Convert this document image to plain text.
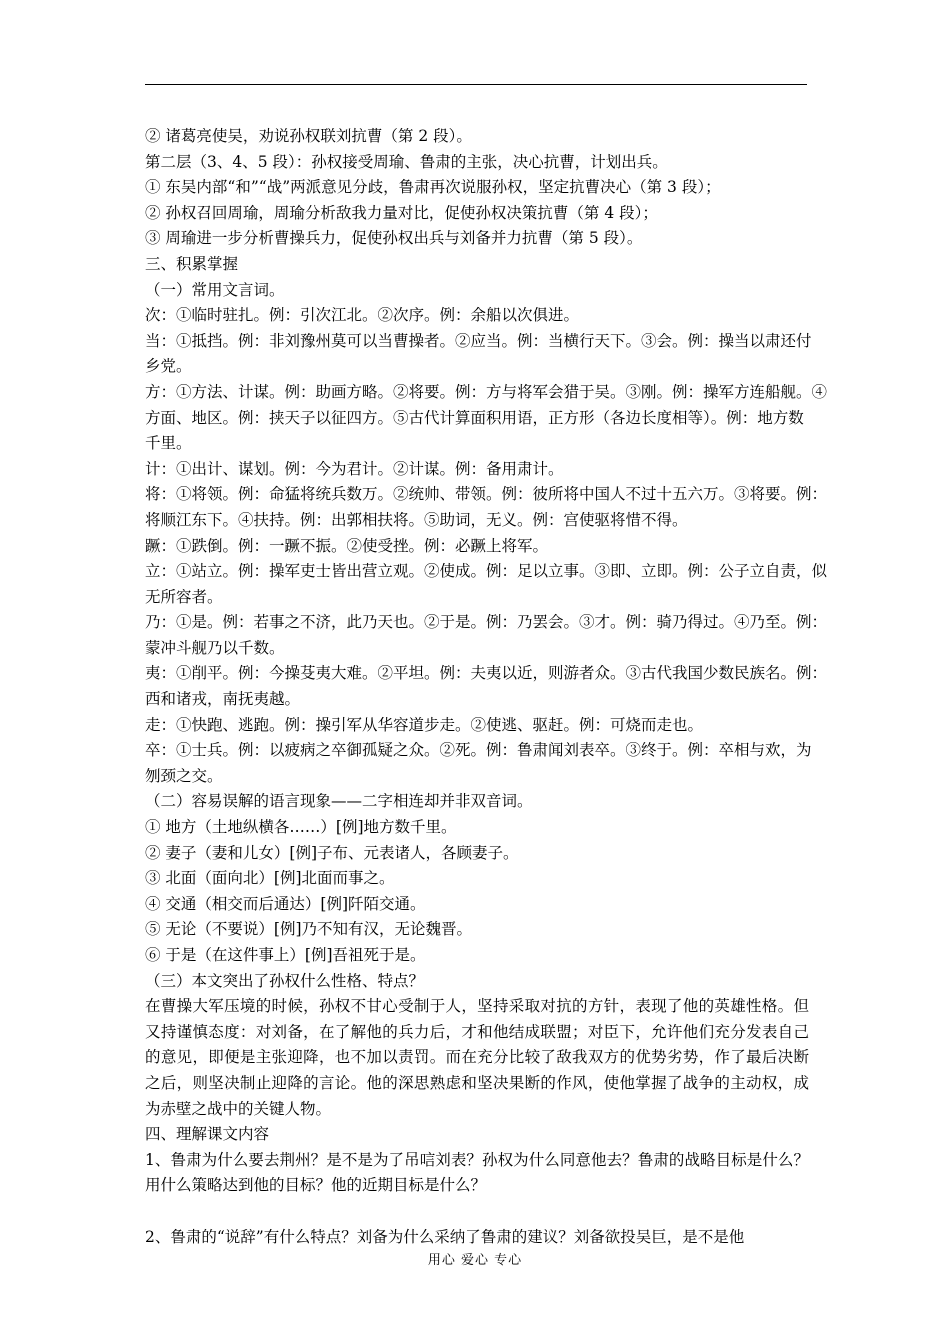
② 诸葛亮使吴，劝说孙权联刘抗曹（第 2 段）。
第二层（3、4、5 段）：孙权接受周瑜、鲁肃的主张，决心抗曹，计划出兵。
① 东吴内部“和”“战”两派意见分歧，鲁肃再次说服孙权，坚定抗曹决心（第 3 段）；
② 孙权召回周瑜，周瑜分析敌我力量对比，促使孙权决策抗曹（第 4 段）；
③ 周瑜进一步分析曹操兵力，促使孙权出兵与刘备并力抗曹（第 5 段）。
三、积累掌握
（一）常用文言词。
次：①临时驻扎。例：引次江北。②次序。例：余船以次俱进。
当：①抵挡。例：非刘豫州莫可以当曹操者。②应当。例：当横行天下。③会。例：操当以肃还付
乡党。
方：①方法、计谋。例：助画方略。②将要。例：方与将军会猎于吴。③刚。例：操军方连船舰。④
方面、地区。例：挟天子以征四方。⑤古代计算面积用语，正方形（各边长度相等）。例：地方数
千里。
计：①出计、谋划。例：今为君计。②计谋。例：备用肃计。
将：①将领。例：命猛将统兵数万。②统帅、带领。例：彼所将中国人不过十五六万。③将要。例：
将顺江东下。④扶持。例：出郭相扶将。⑤助词，无义。例：宫使驱将惜不得。
蹶：①跌倒。例：一蹶不振。②使受挫。例：必蹶上将军。
立：①站立。例：操军吏士皆出营立观。②使成。例：足以立事。③即、立即。例：公子立自责，似
无所容者。
乃：①是。例：若事之不济，此乃天也。②于是。例：乃罢会。③才。例：骑乃得过。④乃至。例：
蒙冲斗舰乃以千数。
夷：①削平。例：今操芟夷大难。②平坦。例：夫夷以近，则游者众。③古代我国少数民族名。例：
西和诸戎，南抚夷越。
走：①快跑、逃跑。例：操引军从华容道步走。②使逃、驱赶。例：可烧而走也。
卒：①士兵。例：以疲病之卒御孤疑之众。②死。例：鲁肃闻刘表卒。③终于。例：卒相与欢，为
刎颈之交。
（二）容易误解的语言现象——二字相连却并非双音词。
① 地方（土地纵横各……）[例]地方数千里。
② 妻子（妻和儿女）[例]子布、元表诸人，各顾妻子。
③ 北面（面向北）[例]北面而事之。
④ 交通（相交而后通达）[例]阡陌交通。
⑤ 无论（不要说）[例]乃不知有汉，无论魏晋。
⑥ 于是（在这件事上）[例]吾祖死于是。
（三）本文突出了孙权什么性格、特点？
在曹操大军压境的时候，孙权不甘心受制于人，坚持采取对抗的方针，表现了他的英雄性格。但又持谨慎态度：对刘备，在了解他的兵力后，才和他结成联盟；对臣下，允许他们充分发表自己的意见，即便是主张迎降，也不加以责罚。而在充分比较了敌我双方的优势劣势，作了最后决断之后，则坚决制止迎降的言论。他的深思熟虑和坚决果断的作风，使他掌握了战争的主动权，成为赤壁之战中的关键人物。
四、理解课文内容
1、鲁肃为什么要去荆州？是不是为了吊唁刘表？孙权为什么同意他去？鲁肃的战略目标是什么？用什么策略达到他的目标？他的近期目标是什么？
2、鲁肃的“说辞”有什么特点？刘备为什么采纳了鲁肃的建议？刘备欲投吴巨，是不是他
用心 爱心 专心
